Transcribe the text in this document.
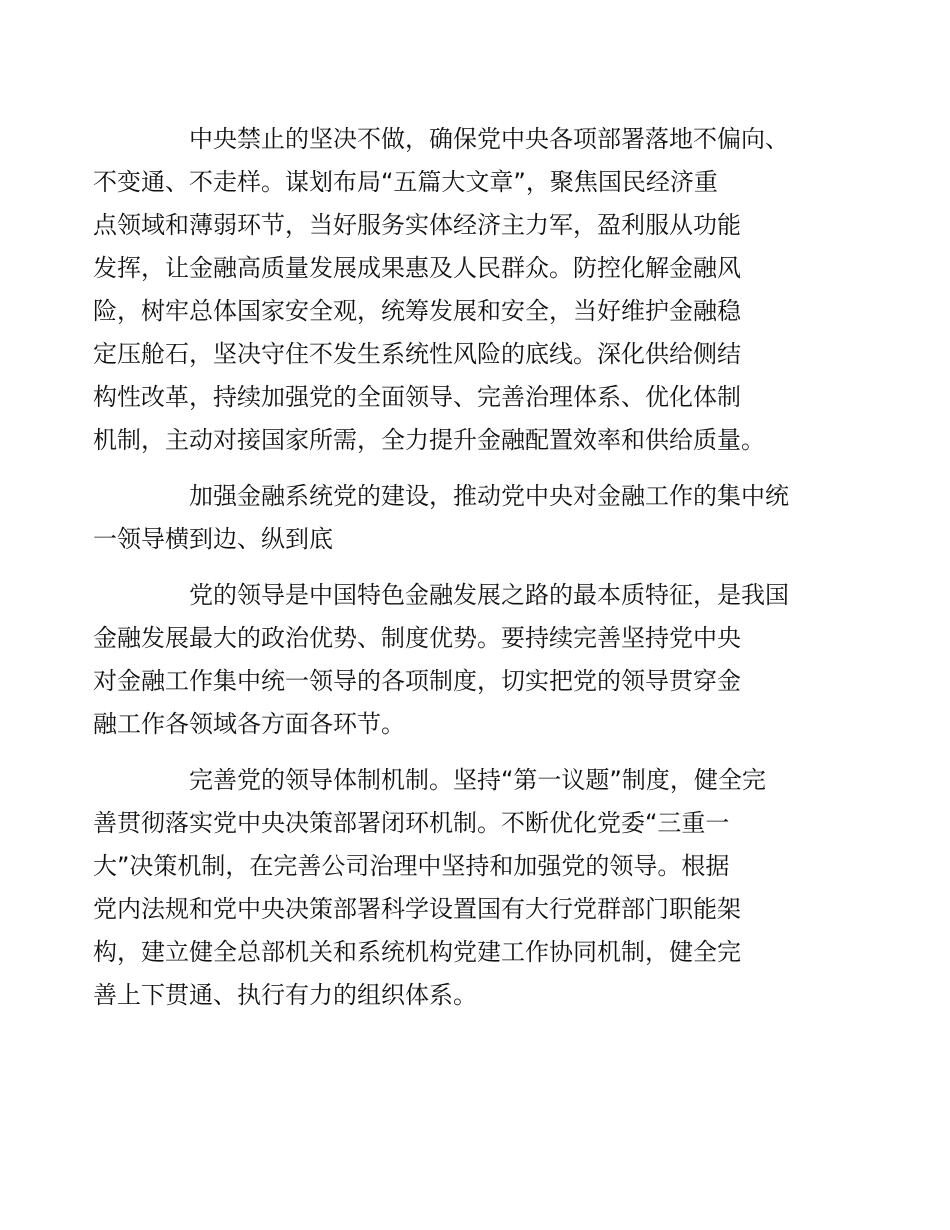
中央禁止的坚决不做，确保党中央各项部署落地不偏向、
不变通、不走样。谋划布局“五篇大文章”，聚焦国民经济重
点领域和薄弱环节，当好服务实体经济主力军，盈利服从功能
发挥，让金融高质量发展成果惠及人民群众。防控化解金融风
险，树牢总体国家安全观，统筹发展和安全，当好维护金融稳
定压舱石，坚决守住不发生系统性风险的底线。深化供给侧结
构性改革，持续加强党的全面领导、完善治理体系、优化体制
机制，主动对接国家所需，全力提升金融配置效率和供给质量。

加强金融系统党的建设，推动党中央对金融工作的集中统
一领导横到边、纵到底

党的领导是中国特色金融发展之路的最本质特征，是我国
金融发展最大的政治优势、制度优势。要持续完善坚持党中央
对金融工作集中统一领导的各项制度，切实把党的领导贯穿金
融工作各领域各方面各环节。

完善党的领导体制机制。坚持“第一议题”制度，健全完
善贯彻落实党中央决策部署闭环机制。不断优化党委“三重一
大”决策机制，在完善公司治理中坚持和加强党的领导。根据
党内法规和党中央决策部署科学设置国有大行党群部门职能架
构，建立健全总部机关和系统机构党建工作协同机制，健全完
善上下贯通、执行有力的组织体系。
